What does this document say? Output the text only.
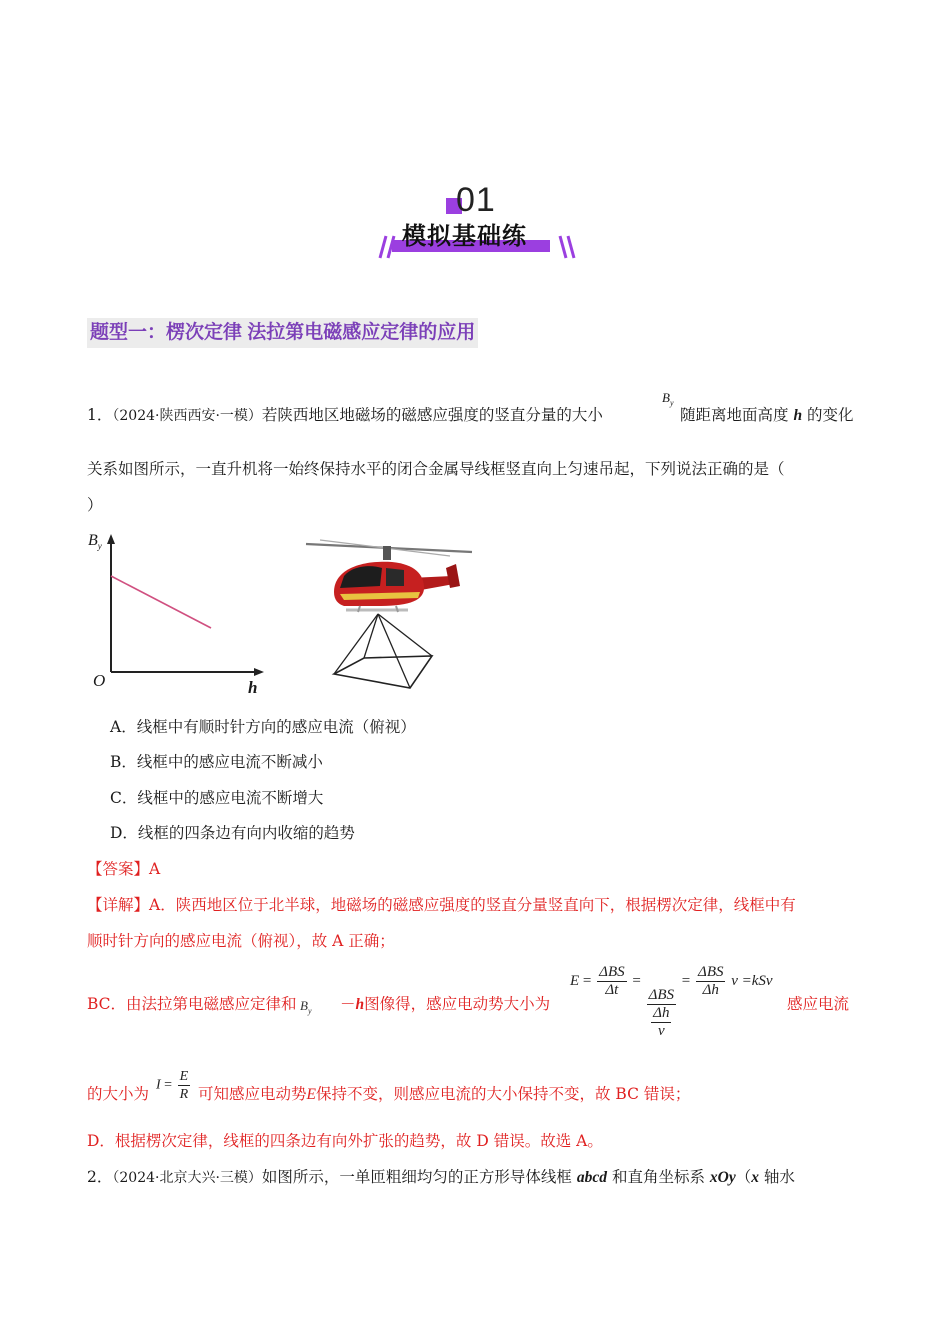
01
模拟基础练
题型一：楞次定律 法拉第电磁感应定律的应用
1．（2024·陕西西安·一模）若陕西地区地磁场的磁感应强度的竖直分量的大小
$B_y$
随距离地面高度 h 的变化
关系如图所示，一直升机将一始终保持水平的闭合金属导线框竖直向上匀速吊起，下列说法正确的是（
）
$B_y$
O	h
A．线框中有顺时针方向的感应电流（俯视）
B．线框中的感应电流不断减小
C．线框中的感应电流不断增大
D．线框的四条边有向内收缩的趋势
【答案】A
【详解】A．陕西地区位于北半球，地磁场的磁感应强度的竖直分量竖直向下，根据楞次定律，线框中有
顺时针方向的感应电流（俯视），故 A 正确；
BC．由法拉第电磁感应定律和 $B_y -h$图像得，感应电动势大小为
$E = \frac{\text{ΔBS}}{\Delta t}$ =
$\frac{\text{ΔBS}}{\frac{\Delta h}{v}}$
= $\frac{\text{ΔBS}}{\Delta h}$ v =kSv
感应电流
的大小为 $I = \frac{E}{R}$ 可知感应电动势E保持不变，则感应电流的大小保持不变，故 BC 错误；
D．根据楞次定律，线框的四条边有向外扩张的趋势，故 D 错误。故选 A。
2．（2024·北京大兴·三模）如图所示，一单匝粗细均匀的正方形导体线框 abcd 和直角坐标系 xOy（x 轴水
